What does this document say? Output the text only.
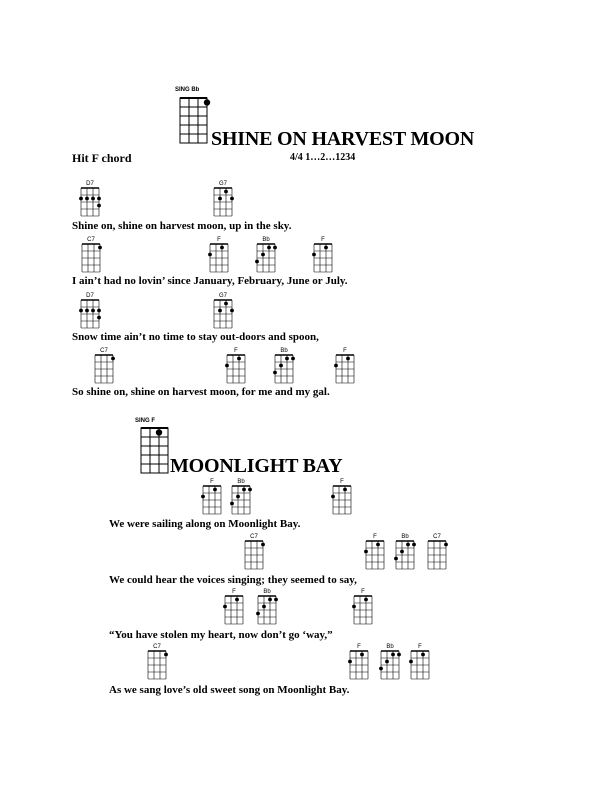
SING Bb
SHINE ON HARVEST MOON
Hit F chord	4/4 1…2…1234
D7	G7
Shine on, shine on harvest moon, up in the sky.
C7	F	Bb	F
I ain’t had no lovin’ since January, February, June or July.
D7	G7
Snow time ain’t no time to stay out-doors and spoon,
C7	F	Bb	F
So shine on, shine on harvest moon, for me and my gal.
SING F
MOONLIGHT BAY
F	Bb	F
We were sailing along on Moonlight Bay.
C7	F	Bb	C7
We could hear the voices singing; they seemed to say,
F	Bb	F
“You have stolen my heart, now don’t go ‘way,”
C7	F	Bb	F
As we sang love’s old sweet song on Moonlight Bay.
